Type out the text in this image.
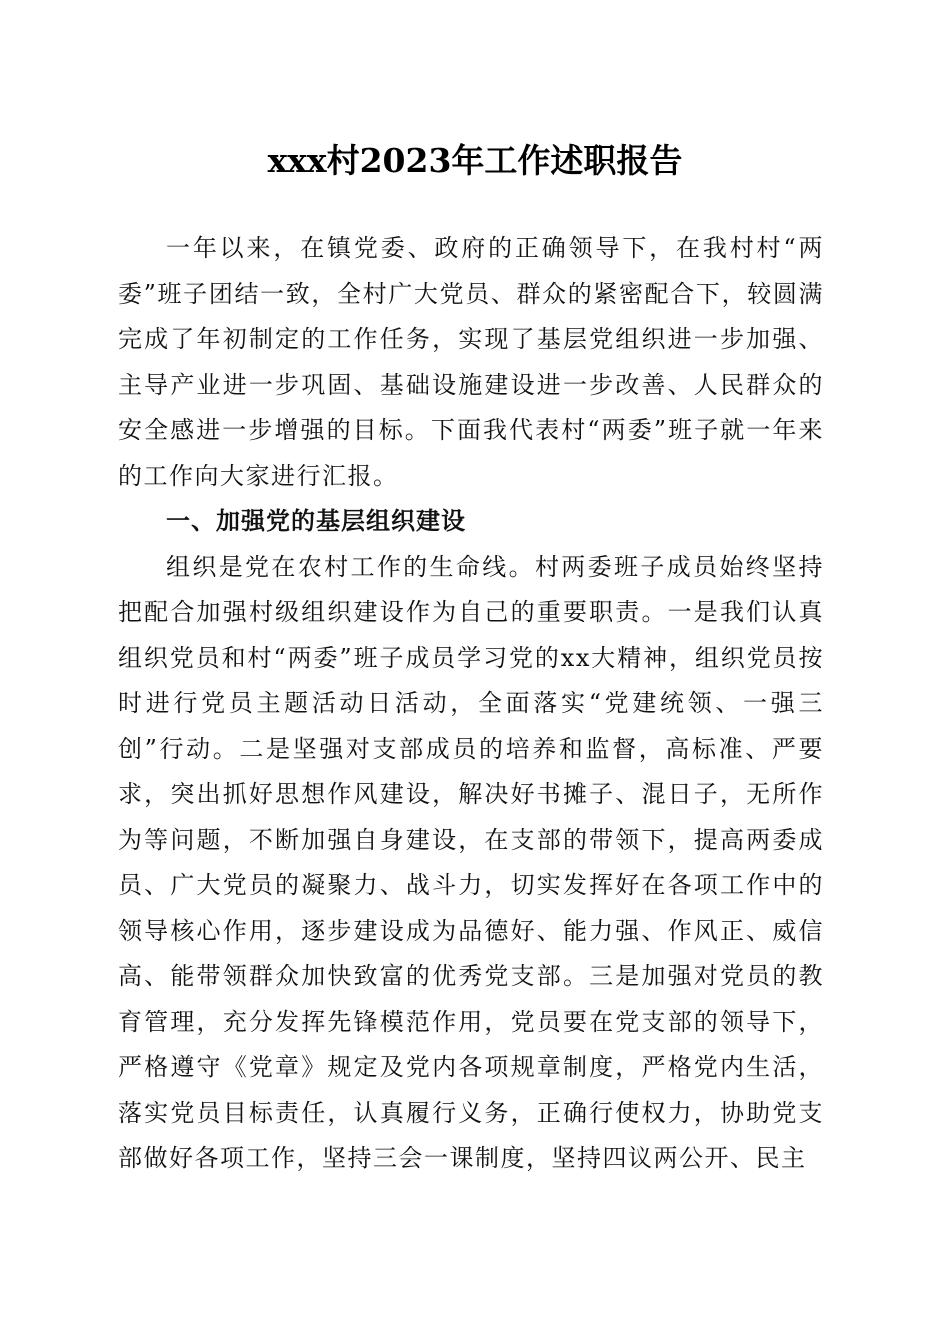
xxx村2023年工作述职报告

一年以来，在镇党委、政府的正确领导下，在我村村“两委”班子团结一致，全村广大党员、群众的紧密配合下，较圆满完成了年初制定的工作任务，实现了基层党组织进一步加强、主导产业进一步巩固、基础设施建设进一步改善、人民群众的安全感进一步增强的目标。下面我代表村“两委”班子就一年来的工作向大家进行汇报。

一、加强党的基层组织建设

组织是党在农村工作的生命线。村两委班子成员始终坚持把配合加强村级组织建设作为自己的重要职责。一是我们认真组织党员和村“两委”班子成员学习党的xx大精神，组织党员按时进行党员主题活动日活动，全面落实“党建统领、一强三创”行动。二是坚强对支部成员的培养和监督，高标准、严要求，突出抓好思想作风建设，解决好书摊子、混日子，无所作为等问题，不断加强自身建设，在支部的带领下，提高两委成员、广大党员的凝聚力、战斗力，切实发挥好在各项工作中的领导核心作用，逐步建设成为品德好、能力强、作风正、威信高、能带领群众加快致富的优秀党支部。三是加强对党员的教育管理，充分发挥先锋模范作用，党员要在党支部的领导下，严格遵守《党章》规定及党内各项规章制度，严格党内生活，落实党员目标责任，认真履行义务，正确行使权力，协助党支部做好各项工作，坚持三会一课制度，坚持四议两公开、民主
